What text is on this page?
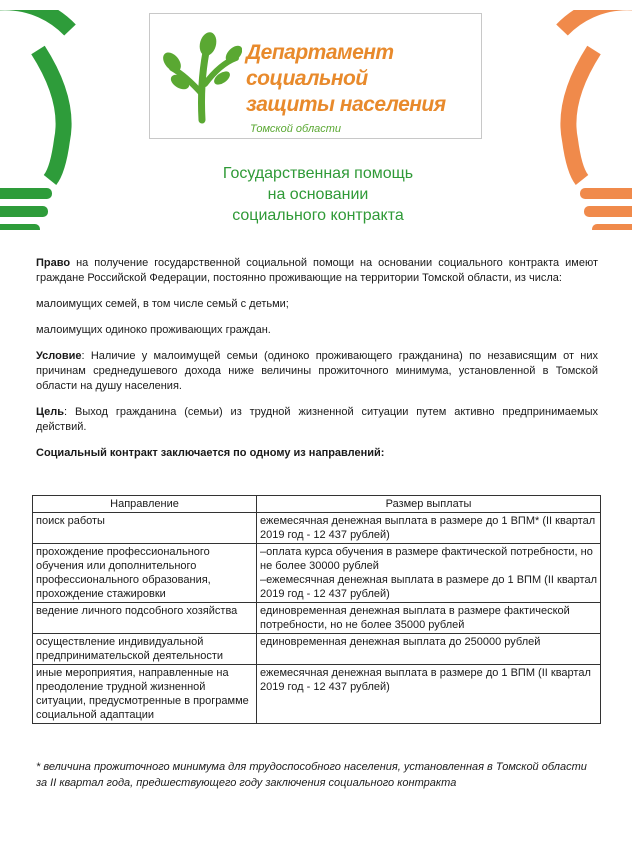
Департамент
социальной
защиты населения
Томской области
Государственная помощь
на основании
социального контракта

Право на получение государственной социальной помощи на основании социального контракта имеют граждане Российской Федерации, постоянно проживающие на территории Томской области, из числа:

малоимущих семей, в том числе семьй с детьми;

малоимущих одиноко проживающих граждан.

Условие: Наличие у малоимущей семьи (одиноко проживающего гражданина) по независящим от них причинам среднедушевого дохода ниже величины прожиточного минимума, установленной в Томской области на душу населения.

Цель: Выход гражданина (семьи) из трудной жизненной ситуации путем активно предпринимаемых действий.

Социальный контракт заключается по одному из направлений:

Направление	Размер выплаты
поиск работы	ежемесячная денежная выплата в размере до 1 ВПМ* (II квартал 2019 год - 12 437 рублей)

прохождение профессионального обучения или дополнительного профессионального образования, прохождение стажировки	–оплата курса обучения в размере фактической потребности, но не более 30000 рублей
–ежемесячная денежная выплата в размере до 1 ВПМ (II квартал 2019 год - 12 437 рублей)

ведение личного подсобного хозяйства	единовременная денежная выплата в размере фактической потребности, но не более 35000 рублей

осуществление индивидуальной предпринимательской деятельности	единовременная денежная выплата до 250000 рублей

иные мероприятия, направленные на преодоление трудной жизненной ситуации, предусмотренные в программе социальной адаптации	ежемесячная денежная выплата в размере до 1 ВПМ (II квартал 2019 год - 12 437 рублей)
* величина прожиточного минимума для трудоспособного населения, установленная в Томской области за II квартал года, предшествующего году заключения социального контракта
